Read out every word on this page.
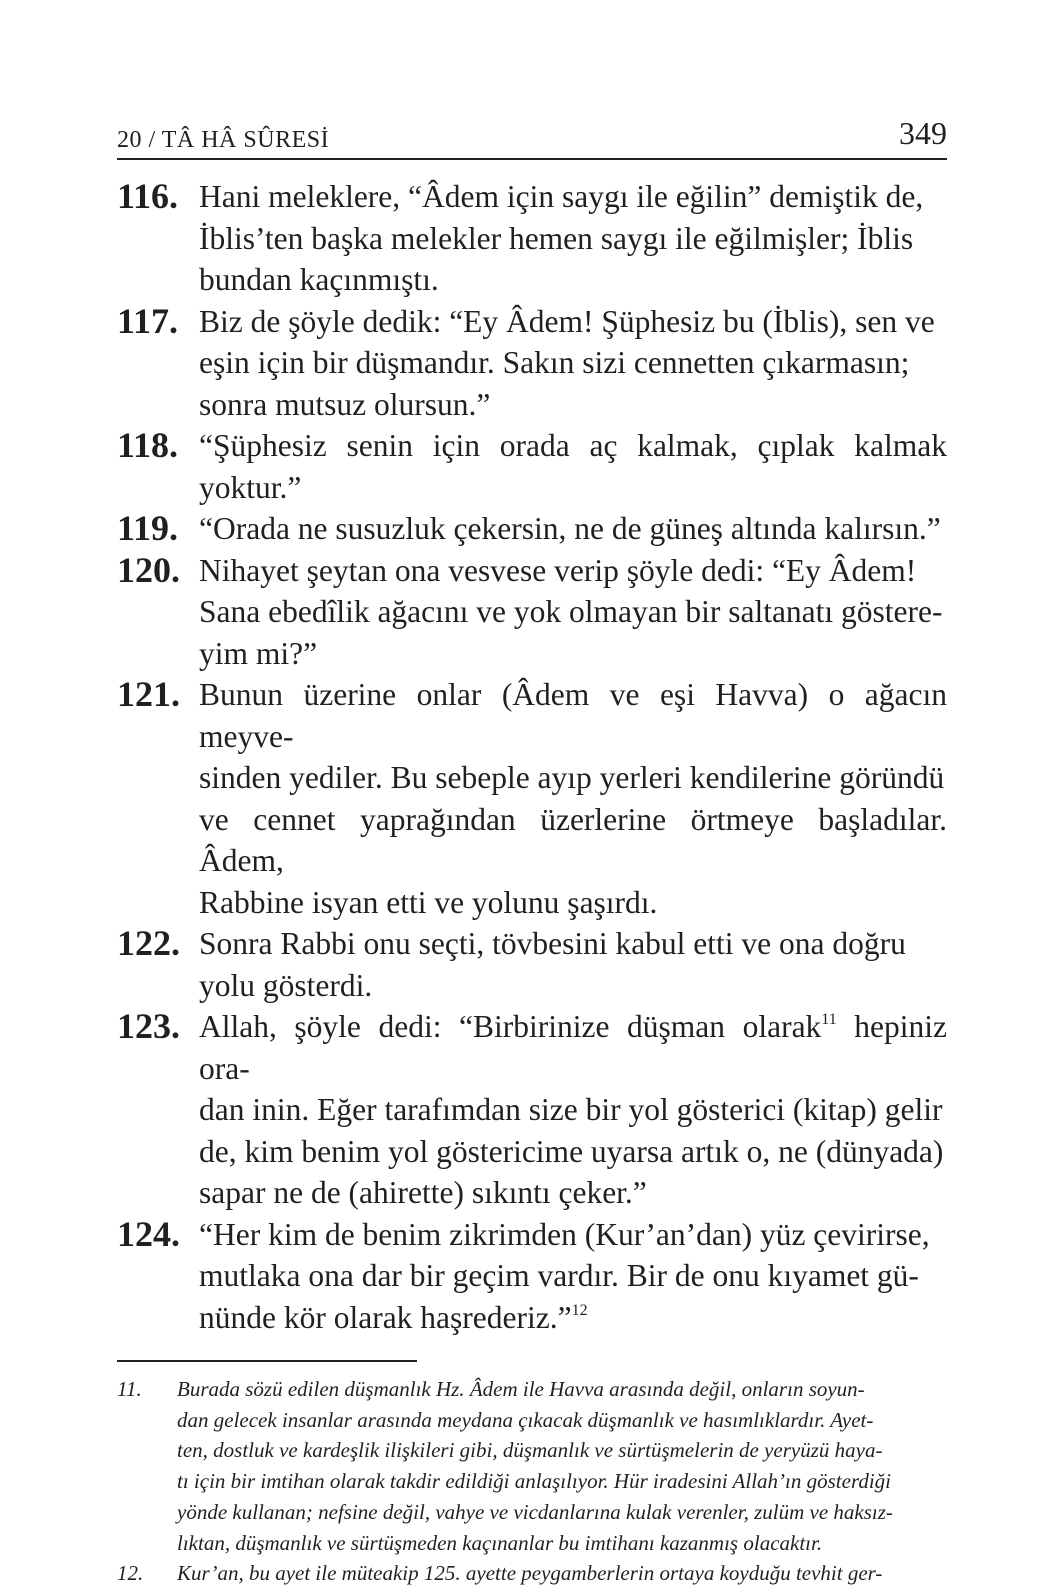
20 / TÂ HÂ SÛRESİ	349
116. Hani meleklere, “Âdem için saygı ile eğilin” demiştik de,
İblis’ten başka melekler hemen saygı ile eğilmişler; İblis
bundan kaçınmıştı.
117. Biz de şöyle dedik: “Ey Âdem! Şüphesiz bu (İblis), sen ve
eşin için bir düşmandır. Sakın sizi cennetten çıkarmasın;
sonra mutsuz olursun.”
118. “Şüphesiz senin için orada aç kalmak, çıplak kalmak yoktur.”
119. “Orada ne susuzluk çekersin, ne de güneş altında kalırsın.”
120. Nihayet şeytan ona vesvese verip şöyle dedi: “Ey Âdem!
Sana ebedîlik ağacını ve yok olmayan bir saltanatı göstere-
yim mi?”
121. Bunun üzerine onlar (Âdem ve eşi Havva) o ağacın meyve-
sinden yediler. Bu sebeple ayıp yerleri kendilerine göründü
ve cennet yaprağından üzerlerine örtmeye başladılar. Âdem,
Rabbine isyan etti ve yolunu şaşırdı.
122. Sonra Rabbi onu seçti, tövbesini kabul etti ve ona doğru
yolu gösterdi.
123. Allah, şöyle dedi: “Birbirinize düşman olarak$^{11}$ hepiniz ora-
dan inin. Eğer tarafımdan size bir yol gösterici (kitap) gelir
de, kim benim yol göstericime uyarsa artık o, ne (dünyada)
sapar ne de (ahirette) sıkıntı çeker.”
124. “Her kim de benim zikrimden (Kur’an’dan) yüz çevirirse,
mutlaka ona dar bir geçim vardır. Bir de onu kıyamet gü-
nünde kör olarak haşrederiz.”$^{12}$
11. Burada sözü edilen düşmanlık Hz. Âdem ile Havva arasında değil, onların soyun-
dan gelecek insanlar arasında meydana çıkacak düşmanlık ve hasımlıklardır. Ayet-
ten, dostluk ve kardeşlik ilişkileri gibi, düşmanlık ve sürtüşmelerin de yeryüzü haya-
tı için bir imtihan olarak takdir edildiği anlaşılıyor. Hür iradesini Allah’ın gösterdiği
yönde kullanan; nefsine değil, vahye ve vicdanlarına kulak verenler, zulüm ve haksız-
lıktan, düşmanlık ve sürtüşmeden kaçınanlar bu imtihanı kazanmış olacaktır.
12. Kur’an, bu ayet ile müteakip 125. ayette peygamberlerin ortaya koyduğu tevhit ger-
